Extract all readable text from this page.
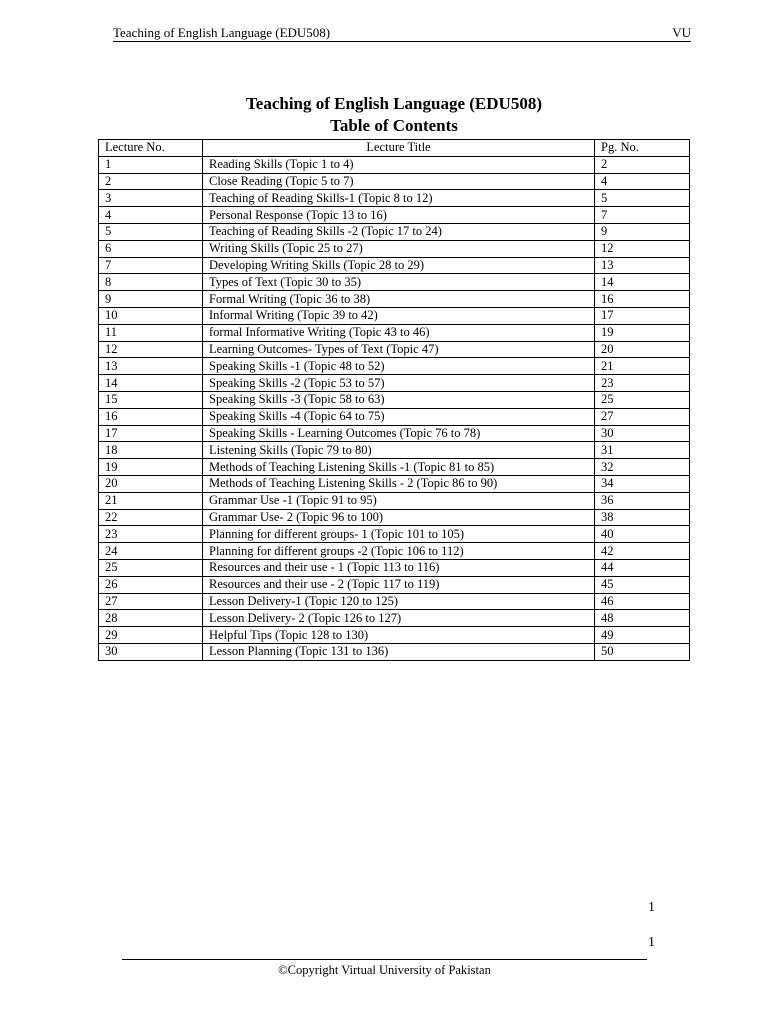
Teaching of English Language (EDU508)	VU
Teaching of English Language (EDU508)
Table of Contents
Lecture No.	Lecture Title	Pg. No.
1	Reading Skills (Topic 1 to 4)	2
2	Close Reading (Topic 5 to 7)	4
3	Teaching of Reading Skills-1 (Topic 8 to 12)	5
4	Personal Response (Topic 13 to 16)	7
5	Teaching of Reading Skills -2 (Topic 17 to 24)	9
6	Writing Skills (Topic 25 to 27)	12
7	Developing Writing Skills (Topic 28 to 29)	13
8	Types of Text (Topic 30 to 35)	14
9	Formal Writing (Topic 36 to 38)	16
10	Informal Writing (Topic 39 to 42)	17
11	formal Informative Writing (Topic 43 to 46)	19
12	Learning Outcomes- Types of Text (Topic 47)	20
13	Speaking Skills -1 (Topic 48 to 52)	21
14	Speaking Skills -2 (Topic 53 to 57)	23
15	Speaking Skills -3 (Topic 58 to 63)	25
16	Speaking Skills -4 (Topic 64 to 75)	27
17	Speaking Skills - Learning Outcomes (Topic 76 to 78)	30
18	Listening Skills (Topic 79 to 80)	31
19	Methods of Teaching Listening Skills -1 (Topic 81 to 85)	32
20	Methods of Teaching Listening Skills - 2 (Topic 86 to 90)	34
21	Grammar Use -1 (Topic 91 to 95)	36
22	Grammar Use- 2 (Topic 96 to 100)	38
23	Planning for different groups- 1 (Topic 101 to 105)	40
24	Planning for different groups -2 (Topic 106 to 112)	42
25	Resources and their use - 1 (Topic 113 to 116)	44
26	Resources and their use - 2 (Topic 117 to 119)	45
27	Lesson Delivery-1 (Topic 120 to 125)	46
28	Lesson Delivery- 2 (Topic 126 to 127)	48
29	Helpful Tips (Topic 128 to 130)	49
30	Lesson Planning (Topic 131 to 136)	50
1
1
©Copyright Virtual University of Pakistan
